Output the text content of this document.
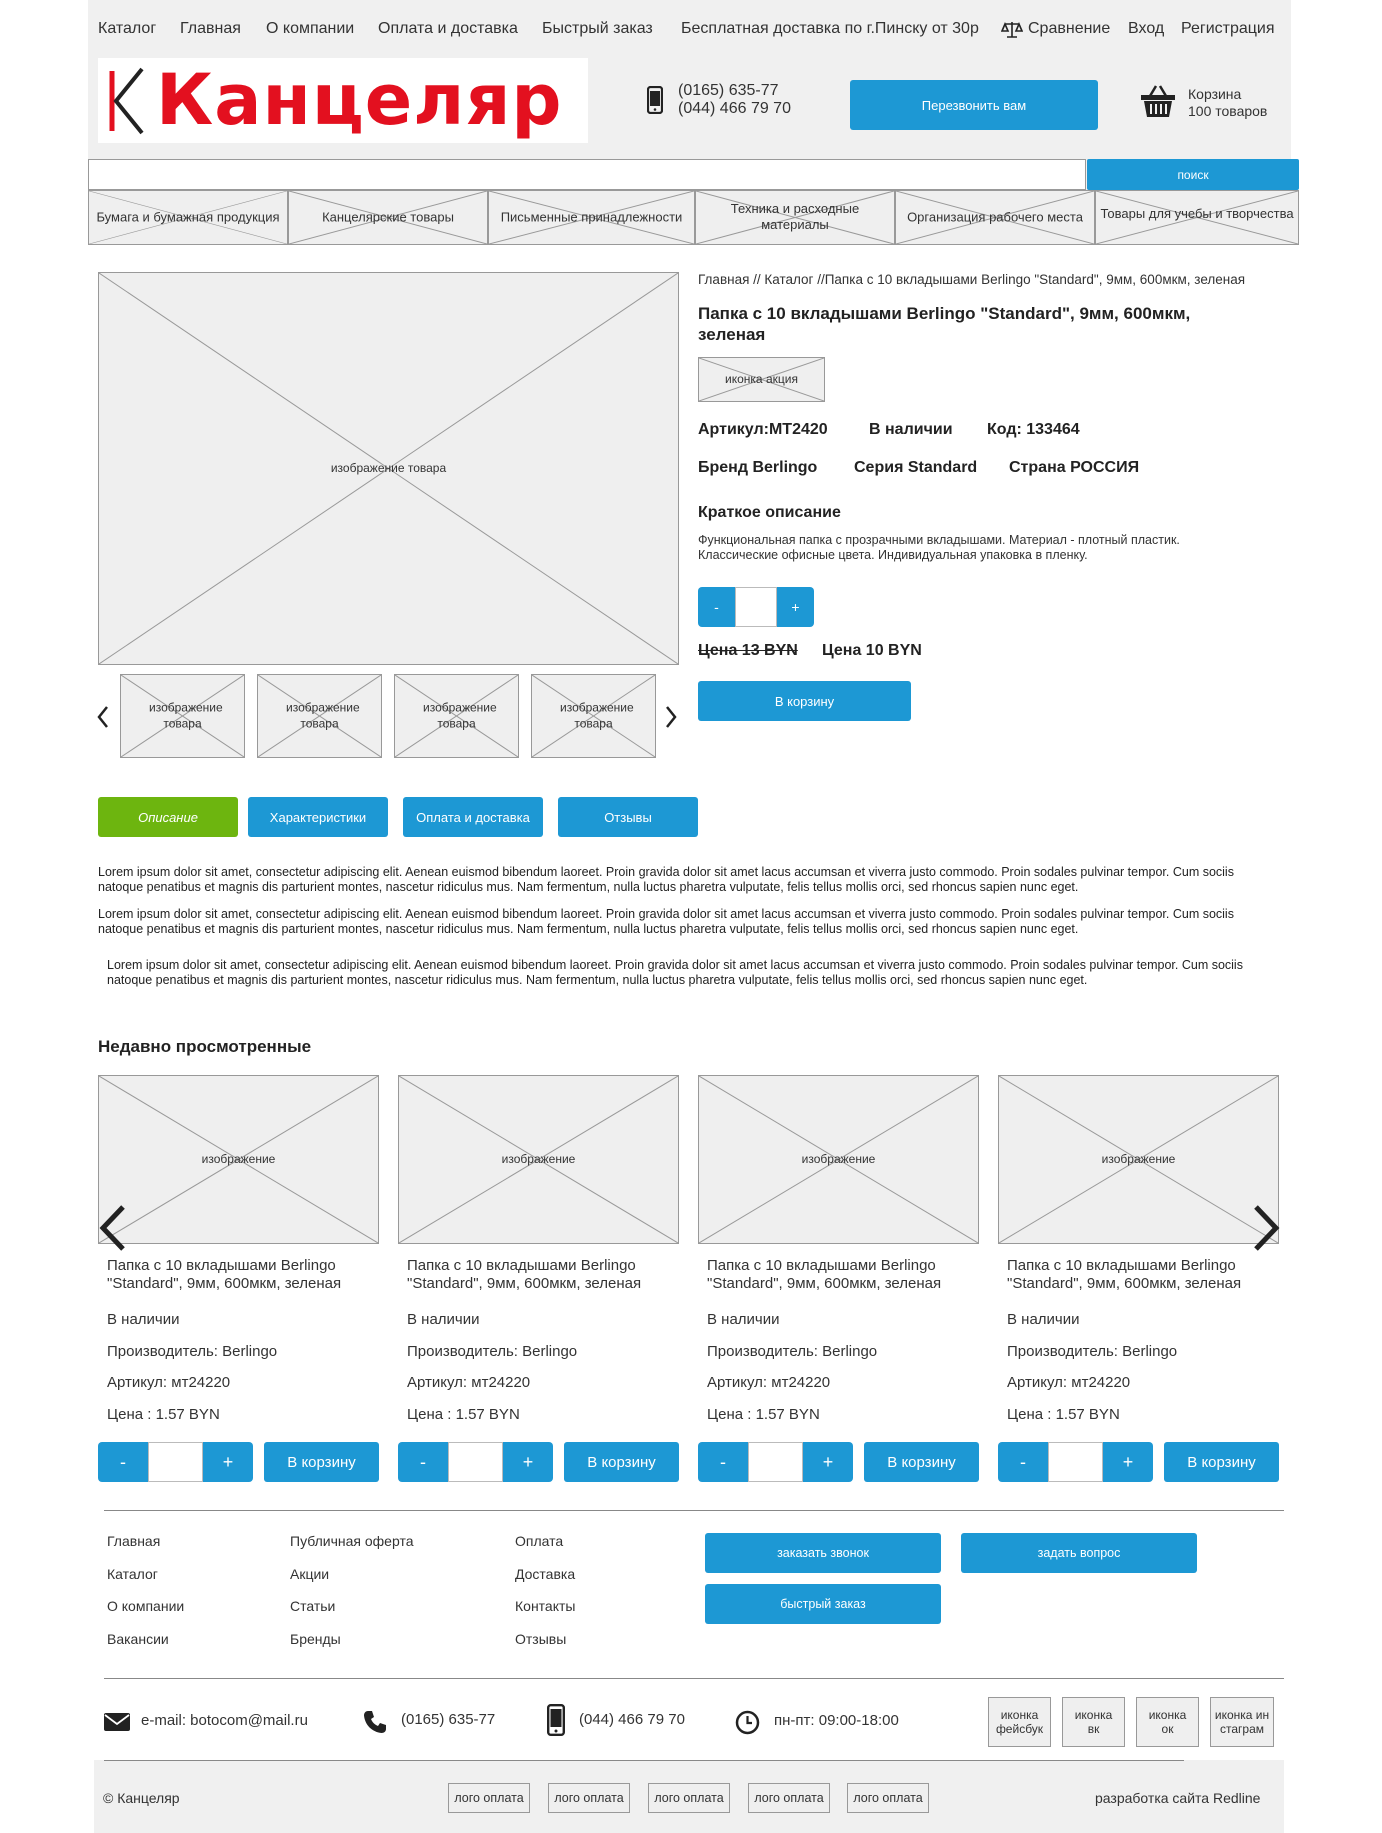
Каталог Главная О компании Оплата и доставка Быстрый заказ Бесплатная доставка по г.Пинску от 30р	Сравнение Вход Регистрация
Канцеляр	(0165) 635-77
(044) 466 79 70	Перезвонить вам
Корзина
100 товаров
поиск
Бумага и бумажная продукция	Канцелярские товары	Письменные принадлежности
Техника и расходные материалы
Организация рабочего места	Товары для учебы и творчества
изображение товара
изображение товара
изображение товара
изображение товара
изображение товара
Главная // Каталог //Папка с 10 вкладышами Berlingo "Standard", 9мм, 600мкм, зеленая
Папка с 10 вкладышами Berlingo "Standard", 9мм, 600мкм, зеленая
иконка акция
Артикул:МТ2420	В наличии Код: 133464
Бренд Berlingo Серия Standard Страна РОССИЯ
Краткое описание
Функциональная папка с прозрачными вкладышами. Материал - плотный пластик. Классические офисные цвета. Индивидуальная упаковка в пленку.
-	+
Цена 13 BYN Цена 10 BYN
В корзину
Описание	Характеристики	Оплата и доставка	Отзывы
Lorem ipsum dolor sit amet, consectetur adipiscing elit. Aenean euismod bibendum laoreet. Proin gravida dolor sit amet lacus accumsan et viverra justo commodo. Proin sodales pulvinar tempor. Cum sociis natoque penatibus et magnis dis parturient montes, nascetur ridiculus mus. Nam fermentum, nulla luctus pharetra vulputate, felis tellus mollis orci, sed rhoncus sapien nunc eget.
Lorem ipsum dolor sit amet, consectetur adipiscing elit. Aenean euismod bibendum laoreet. Proin gravida dolor sit amet lacus accumsan et viverra justo commodo. Proin sodales pulvinar tempor. Cum sociis natoque penatibus et magnis dis parturient montes, nascetur ridiculus mus. Nam fermentum, nulla luctus pharetra vulputate, felis tellus mollis orci, sed rhoncus sapien nunc eget.
Lorem ipsum dolor sit amet, consectetur adipiscing elit. Aenean euismod bibendum laoreet. Proin gravida dolor sit amet lacus accumsan et viverra justo commodo. Proin sodales pulvinar tempor. Cum sociis natoque penatibus et magnis dis parturient montes, nascetur ridiculus mus. Nam fermentum, nulla luctus pharetra vulputate, felis tellus mollis orci, sed rhoncus sapien nunc eget.
Недавно просмотренные
изображение	изображение	изображение	изображение
Папка с 10 вкладышами Berlingo "Standard", 9мм, 600мкм, зеленая
В наличии
Производитель: Berlingo
Артикул: мт24220
Цена : 1.57 BYN
Папка с 10 вкладышами Berlingo "Standard", 9мм, 600мкм, зеленая
В наличии
Производитель: Berlingo
Артикул: мт24220
Цена : 1.57 BYN
Папка с 10 вкладышами Berlingo "Standard", 9мм, 600мкм, зеленая
В наличии
Производитель: Berlingo
Артикул: мт24220
Цена : 1.57 BYN
Папка с 10 вкладышами Berlingo "Standard", 9мм, 600мкм, зеленая
В наличии
Производитель: Berlingo
Артикул: мт24220
Цена : 1.57 BYN
-	+	В корзину	-	+	В корзину	-	+	В корзину	-	+	В корзину
Главная
Каталог
О компании
Вакансии
Публичная оферта
Акции
Статьи
Бренды
Оплата
Доставка
Контакты
Отзывы
заказать звонок	задать вопрос
быстрый заказ
e-mail: botocom@mail.ru	(0165) 635-77	(044) 466 79 70	пн-пт: 09:00-18:00	иконка фейсбук
иконка вк
иконка ок
иконка инстаграм
© Канцеляр	лого оплата лого оплата лого оплата лого оплата лого оплата	разработка сайта Redline
